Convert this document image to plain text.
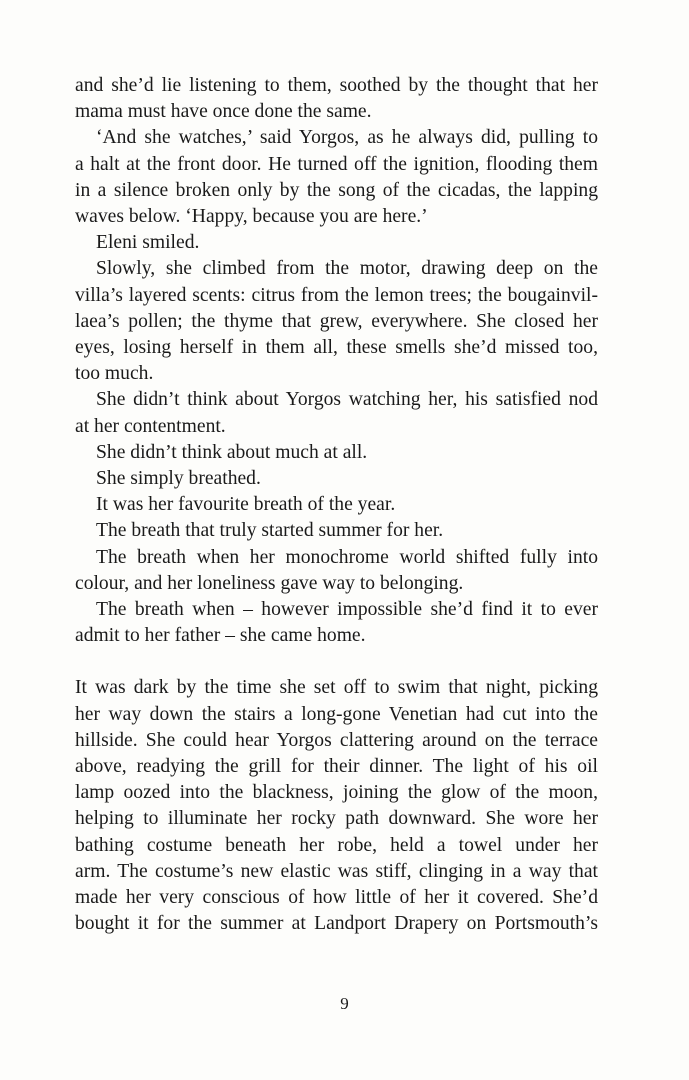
and she’d lie listening to them, soothed by the thought that her
mama must have once done the same.
‘And she watches,’ said Yorgos, as he always did, pulling to
a halt at the front door. He turned off the ignition, flooding them
in a silence broken only by the song of the cicadas, the lapping
waves below. ‘Happy, because you are here.’
Eleni smiled.
Slowly, she climbed from the motor, drawing deep on the
villa’s layered scents: citrus from the lemon trees; the bougainvil-
laea’s pollen; the thyme that grew, everywhere. She closed her
eyes, losing herself in them all, these smells she’d missed too,
too much.
She didn’t think about Yorgos watching her, his satisfied nod
at her contentment.
She didn’t think about much at all.
She simply breathed.
It was her favourite breath of the year.
The breath that truly started summer for her.
The breath when her monochrome world shifted fully into
colour, and her loneliness gave way to belonging.
The breath when – however impossible she’d find it to ever
admit to her father – she came home.
It was dark by the time she set off to swim that night, picking
her way down the stairs a long-gone Venetian had cut into the
hillside. She could hear Yorgos clattering around on the terrace
above, readying the grill for their dinner. The light of his oil
lamp oozed into the blackness, joining the glow of the moon,
helping to illuminate her rocky path downward. She wore her
bathing costume beneath her robe, held a towel under her
arm. The costume’s new elastic was stiff, clinging in a way that
made her very conscious of how little of her it covered. She’d
bought it for the summer at Landport Drapery on Portsmouth’s
9
